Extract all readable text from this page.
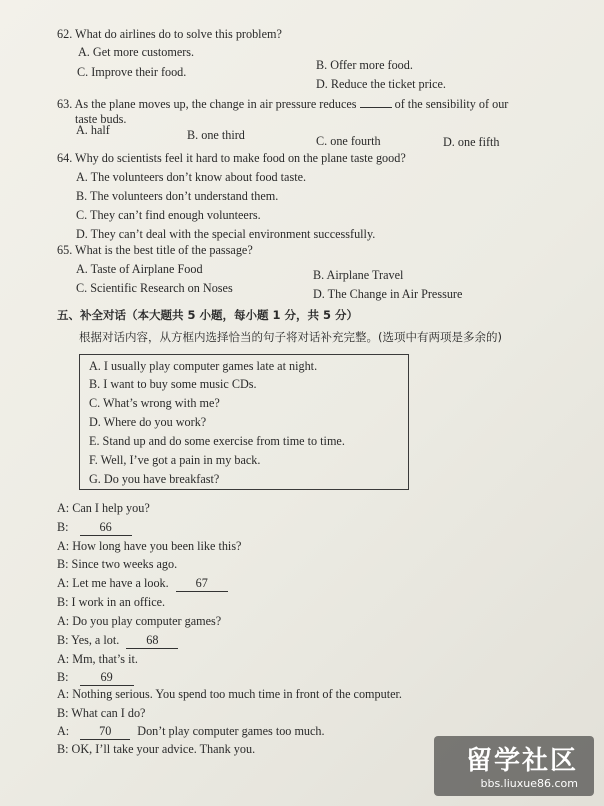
62. What do airlines do to solve this problem?
A. Get more customers.
B. Offer more food.
C. Improve their food.
D. Reduce the ticket price.
63. As the plane moves up, the change in air pressure reduces	of the sensibility of our
taste buds.
A. half	B. one third	C. one fourth	D. one fifth
64. Why do scientists feel it hard to make food on the plane taste good?
A. The volunteers don’t know about food taste.
B. The volunteers don’t understand them.
C. They can’t find enough volunteers.
D. They can’t deal with the special environment successfully.
65. What is the best title of the passage?
A. Taste of Airplane Food	B. Airplane Travel
C. Scientific Research on Noses	D. The Change in Air Pressure
五、补全对话（本大题共 5 小题，每小题 1 分，共 5 分）
根据对话内容，从方框内选择恰当的句子将对话补充完整。(选项中有两项是多余的)
A. I usually play computer games late at night.
B. I want to buy some music CDs.
C. What’s wrong with me?
D. Where do you work?
E. Stand up and do some exercise from time to time.
F. Well, I’ve got a pain in my back.
G. Do you have breakfast?
A: Can I help you?
B:	66
A: How long have you been like this?
B: Since two weeks ago.
A: Let me have a look. 67
B: I work in an office.
A: Do you play computer games?
B: Yes, a lot. 68
A: Mm, that’s it.
B:	69
A: Nothing serious. You spend too much time in front of the computer.
B: What can I do?
A: 70 Don’t play computer games too much.
B: OK, I’ll take your advice. Thank you.	留学社区
bbs.liuxue86.com
